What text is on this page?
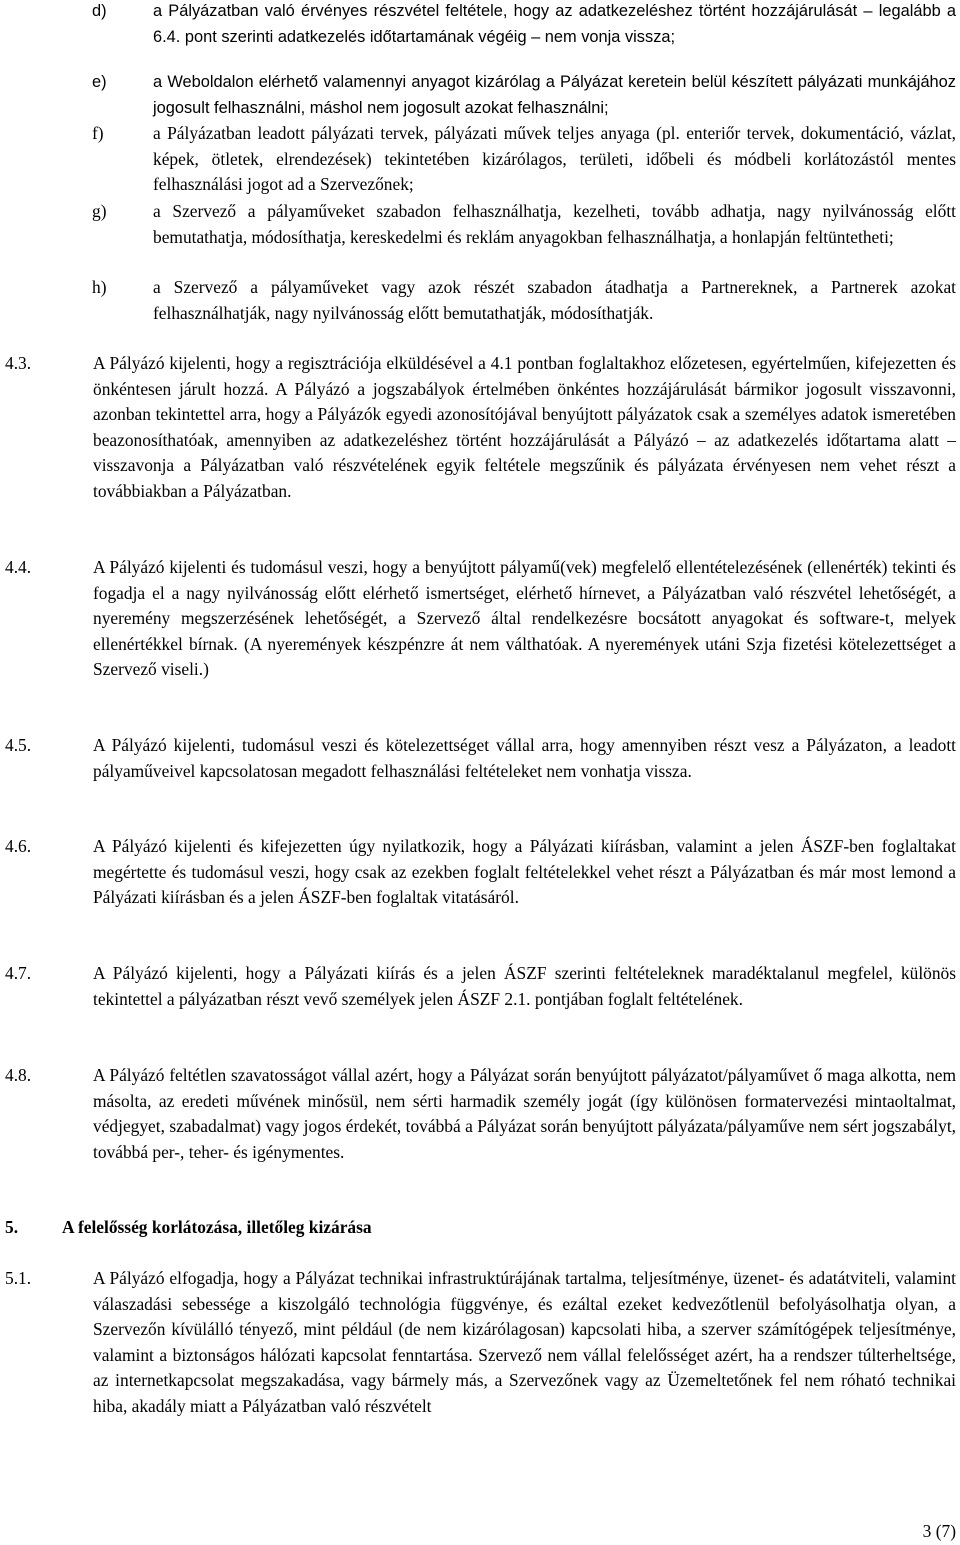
d)	a Pályázatban való érvényes részvétel feltétele, hogy az adatkezeléshez történt hozzájárulását – legalább a 6.4. pont szerinti adatkezelés időtartamának végéig – nem vonja vissza;
e)	a Weboldalon elérhető valamennyi anyagot kizárólag a Pályázat keretein belül készített pályázati munkájához jogosult felhasználni, máshol nem jogosult azokat felhasználni;
f)	a Pályázatban leadott pályázati tervek, pályázati művek teljes anyaga (pl. enteriőr tervek, dokumentáció, vázlat, képek, ötletek, elrendezések) tekintetében kizárólagos, területi, időbeli és módbeli korlátozástól mentes felhasználási jogot ad a Szervezőnek;
g)	a Szervező a pályaműveket szabadon felhasználhatja, kezelheti, tovább adhatja, nagy nyilvánosság előtt bemutathatja, módosíthatja, kereskedelmi és reklám anyagokban felhasználhatja, a honlapján feltüntetheti;
h)	a Szervező a pályaműveket vagy azok részét szabadon átadhatja a Partnereknek, a Partnerek azokat felhasználhatják, nagy nyilvánosság előtt bemutathatják, módosíthatják.
4.3.	A Pályázó kijelenti, hogy a regisztrációja elküldésével a 4.1 pontban foglaltakhoz előzetesen, egyértelműen, kifejezetten és önkéntesen járult hozzá. A Pályázó a jogszabályok értelmében önkéntes hozzájárulását bármikor jogosult visszavonni, azonban tekintettel arra, hogy a Pályázók egyedi azonosítójával benyújtott pályázatok csak a személyes adatok ismeretében beazonosíthatóak, amennyiben az adatkezeléshez történt hozzájárulását a Pályázó – az adatkezelés időtartama alatt – visszavonja a Pályázatban való részvételének egyik feltétele megszűnik és pályázata érvényesen nem vehet részt a továbbiakban a Pályázatban.
4.4.	A Pályázó kijelenti és tudomásul veszi, hogy a benyújtott pályamű(vek) megfelelő ellentételezésének (ellenérték) tekinti és fogadja el a nagy nyilvánosság előtt elérhető ismertséget, elérhető hírnevet, a Pályázatban való részvétel lehetőségét, a nyeremény megszerzésének lehetőségét, a Szervező által rendelkezésre bocsátott anyagokat és software-t, melyek ellenértékkel bírnak. (A nyeremények készpénzre át nem válthatóak. A nyeremények utáni Szja fizetési kötelezettséget a Szervező viseli.)
4.5.	A Pályázó kijelenti, tudomásul veszi és kötelezettséget vállal arra, hogy amennyiben részt vesz a Pályázaton, a leadott pályaműveivel kapcsolatosan megadott felhasználási feltételeket nem vonhatja vissza.
4.6.	A Pályázó kijelenti és kifejezetten úgy nyilatkozik, hogy a Pályázati kiírásban, valamint a jelen ÁSZF-ben foglaltakat megértette és tudomásul veszi, hogy csak az ezekben foglalt feltételekkel vehet részt a Pályázatban és már most lemond a Pályázati kiírásban és a jelen ÁSZF-ben foglaltak vitatásáról.
4.7.	A Pályázó kijelenti, hogy a Pályázati kiírás és a jelen ÁSZF szerinti feltételeknek maradéktalanul megfelel, különös tekintettel a pályázatban részt vevő személyek jelen ÁSZF 2.1. pontjában foglalt feltételének.
4.8.	A Pályázó feltétlen szavatosságot vállal azért, hogy a Pályázat során benyújtott pályázatot/pályaművet ő maga alkotta, nem másolta, az eredeti művének minősül, nem sérti harmadik személy jogát (így különösen formatervezési mintaoltalmat, védjegyet, szabadalmat) vagy jogos érdekét, továbbá a Pályázat során benyújtott pályázata/pályaműve nem sért jogszabályt, továbbá per-, teher- és igénymentes.
5.	A felelősség korlátozása, illetőleg kizárása
5.1.	A Pályázó elfogadja, hogy a Pályázat technikai infrastruktúrájának tartalma, teljesítménye, üzenet- és adatátviteli, valamint válaszadási sebessége a kiszolgáló technológia függvénye, és ezáltal ezeket kedvezőtlenül befolyásolhatja olyan, a Szervezőn kívülálló tényező, mint például (de nem kizárólagosan) kapcsolati hiba, a szerver számítógépek teljesítménye, valamint a biztonságos hálózati kapcsolat fenntartása. Szervező nem vállal felelősséget azért, ha a rendszer túlterheltsége, az internetkapcsolat megszakadása, vagy bármely más, a Szervezőnek vagy az Üzemeltetőnek fel nem róható technikai hiba, akadály miatt a Pályázatban való részvételt
3 (7)
